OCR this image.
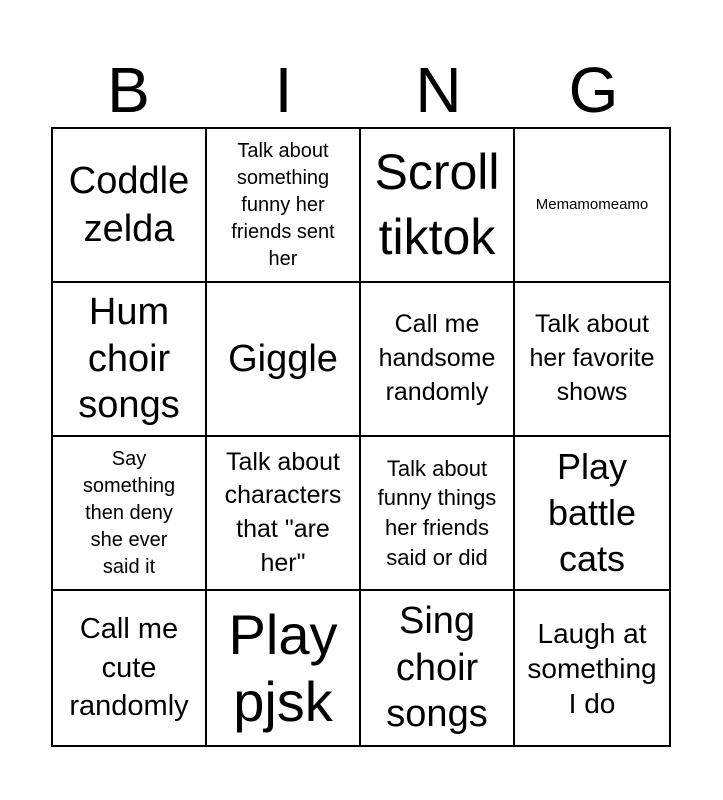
B	I	N	G
Coddle zelda
Talk about something funny her friends sent her
Scroll tiktok
Memamomeamo
Hum choir songs
Giggle
Call me handsome randomly
Talk about her favorite shows
Say something then deny she ever said it
Talk about characters that "are her"
Talk about funny things her friends said or did
Play battle cats
Call me cute randomly
Play pjsk
Sing choir songs
Laugh at something I do
